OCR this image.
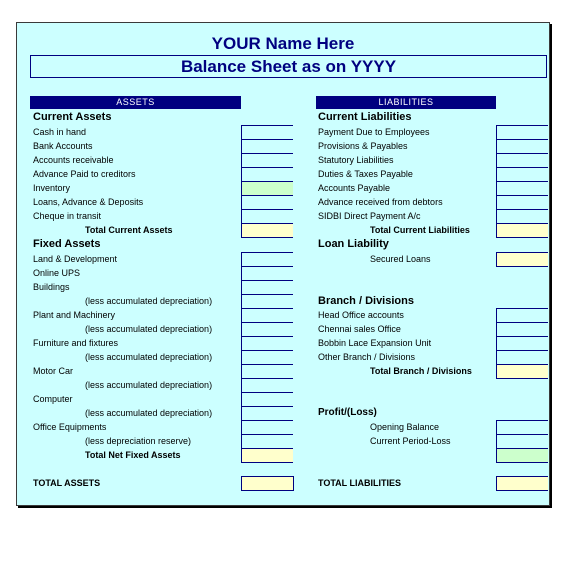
YOUR Name Here
Balance Sheet as on YYYY
ASSETS	LIABILITIES
Current Assets
Cash in hand
Bank Accounts
Accounts receivable
Advance Paid to creditors
Inventory
Loans, Advance & Deposits
Cheque in transit
Total Current Assets
Fixed Assets
Land & Development
Online UPS
Buildings
(less accumulated depreciation)
Plant and Machinery
(less accumulated depreciation)
Furniture and fixtures
(less accumulated depreciation)
Motor Car
(less accumulated depreciation)
Computer
(less accumulated depreciation)
Office Equipments
(less depreciation reserve)
Total Net Fixed Assets
TOTAL ASSETS
Current Liabilities
Payment Due to Employees
Provisions & Payables
Statutory Liabilities
Duties & Taxes Payable
Accounts Payable
Advance received from debtors
SIDBI Direct Payment A/c
Total Current Liabilities
Loan Liability
Secured Loans
Branch / Divisions
Head Office accounts
Chennai sales Office
Bobbin Lace Expansion Unit
Other Branch / Divisions
Total Branch / Divisions
Profit/(Loss)
Opening Balance
Current Period-Loss
TOTAL LIABILITIES
